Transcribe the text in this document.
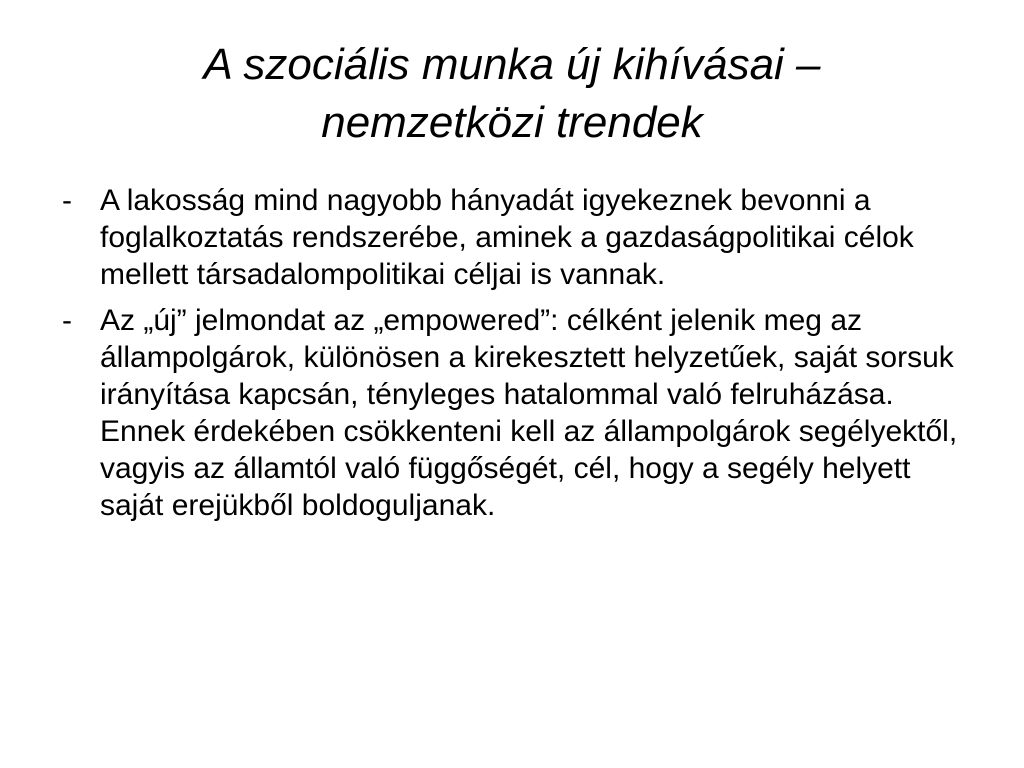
A szociális munka új kihívásai –
nemzetközi trendek
- A lakosság mind nagyobb hányadát igyekeznek bevonni a foglalkoztatás rendszerébe, aminek a gazdaságpolitikai célok mellett társadalompolitikai céljai is vannak.
- Az „új” jelmondat az „empowered”: célként jelenik meg az állampolgárok, különösen a kirekesztett helyzetűek, saját sorsuk irányítása kapcsán, tényleges hatalommal való felruházása. Ennek érdekében csökkenteni kell az állampolgárok segélyektől, vagyis az államtól való függőségét, cél, hogy a segély helyett saját erejükből boldoguljanak.
